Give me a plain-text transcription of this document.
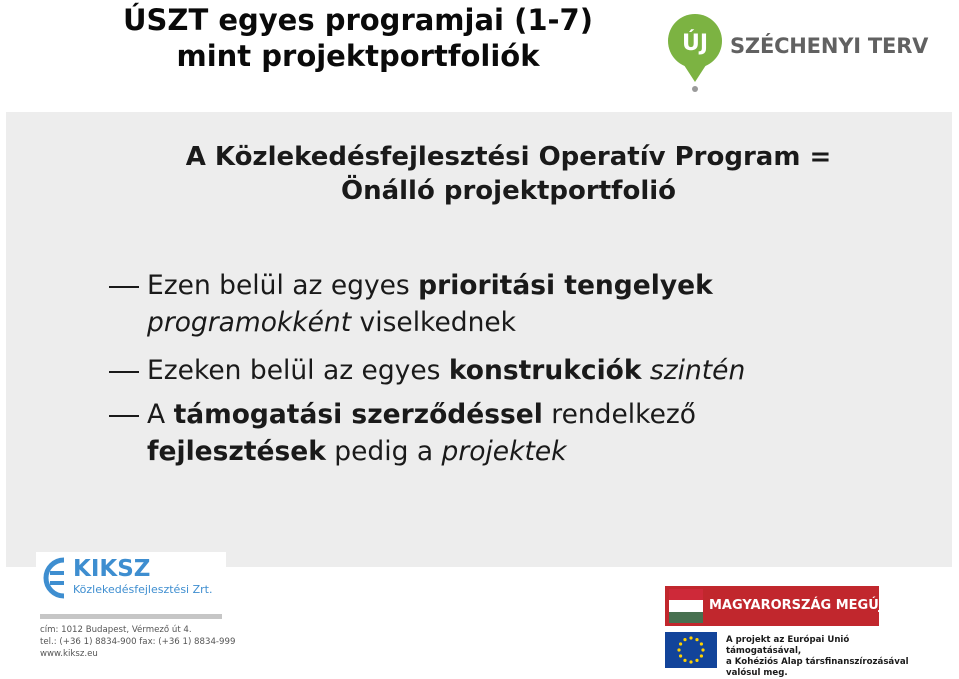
ÚSZT egyes programjai (1-7)
mint projektportfoliók	ÚJ SZÉCHENYI TERV
A Közlekedésfejlesztési Operatív Program =
Önálló projektportfolió
Ezen belül az egyes prioritási tengelyek
programokként viselkednek
Ezeken belül az egyes konstrukciók szintén
A támogatási szerződéssel rendelkező
fejlesztések pedig a projektek
KIKSZ
Közlekedésfejlesztési Zrt.
cím: 1012 Budapest, Vérmező út 4.
tel.: (+36 1) 8834-900 fax: (+36 1) 8834-999
www.kiksz.eu
MAGYARORSZÁG MEGÚJUL
A projekt az Európai Unió támogatásával,
a Kohéziós Alap társfinanszírozásával
valósul meg.
